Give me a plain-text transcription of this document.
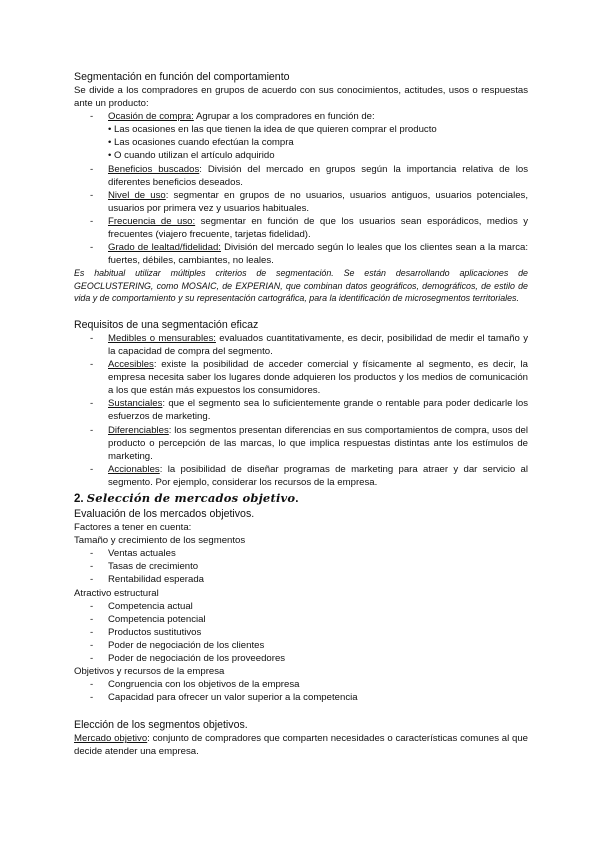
Segmentación en función del comportamiento

Se divide a los compradores en grupos de acuerdo con sus conocimientos, actitudes, usos o respuestas ante un producto:

- Ocasión de compra: Agrupar a los compradores en función de:
• Las ocasiones en las que tienen la idea de que quieren comprar el producto
• Las ocasiones cuando efectúan la compra
• O cuando utilizan el artículo adquirido
- Beneficios buscados: División del mercado en grupos según la importancia relativa de los diferentes beneficios deseados.
- Nivel de uso: segmentar en grupos de no usuarios, usuarios antiguos, usuarios potenciales, usuarios por primera vez y usuarios habituales.
- Frecuencia de uso: segmentar en función de que los usuarios sean esporádicos, medios y frecuentes (viajero frecuente, tarjetas fidelidad).
- Grado de lealtad/fidelidad: División del mercado según lo leales que los clientes sean a la marca: fuertes, débiles, cambiantes, no leales.

Es habitual utilizar múltiples criterios de segmentación. Se están desarrollando aplicaciones de GEOCLUSTERING, como MOSAIC, de EXPERIAN, que combinan datos geográficos, demográficos, de estilo de vida y de comportamiento y su representación cartográfica, para la identificación de microsegmentos territoriales.

Requisitos de una segmentación eficaz

- Medibles o mensurables: evaluados cuantitativamente, es decir, posibilidad de medir el tamaño y la capacidad de compra del segmento.
- Accesibles: existe la posibilidad de acceder comercial y físicamente al segmento, es decir, la empresa necesita saber los lugares donde adquieren los productos y los medios de comunicación a los que están más expuestos los consumidores.
- Sustanciales: que el segmento sea lo suficientemente grande o rentable para poder dedicarle los esfuerzos de marketing.
- Diferenciables: los segmentos presentan diferencias en sus comportamientos de compra, usos del producto o percepción de las marcas, lo que implica respuestas distintas ante los estímulos de marketing.
- Accionables: la posibilidad de diseñar programas de marketing para atraer y dar servicio al segmento. Por ejemplo, considerar los recursos de la empresa.

2. Selección de mercados objetivo.

Evaluación de los mercados objetivos.

Factores a tener en cuenta:

Tamaño y crecimiento de los segmentos

- Ventas actuales
- Tasas de crecimiento
- Rentabilidad esperada

Atractivo estructural

- Competencia actual
- Competencia potencial
- Productos sustitutivos
- Poder de negociación de los clientes
- Poder de negociación de los proveedores

Objetivos y recursos de la empresa

- Congruencia con los objetivos de la empresa
- Capacidad para ofrecer un valor superior a la competencia

Elección de los segmentos objetivos.

Mercado objetivo: conjunto de compradores que comparten necesidades o características comunes al que decide atender una empresa.
